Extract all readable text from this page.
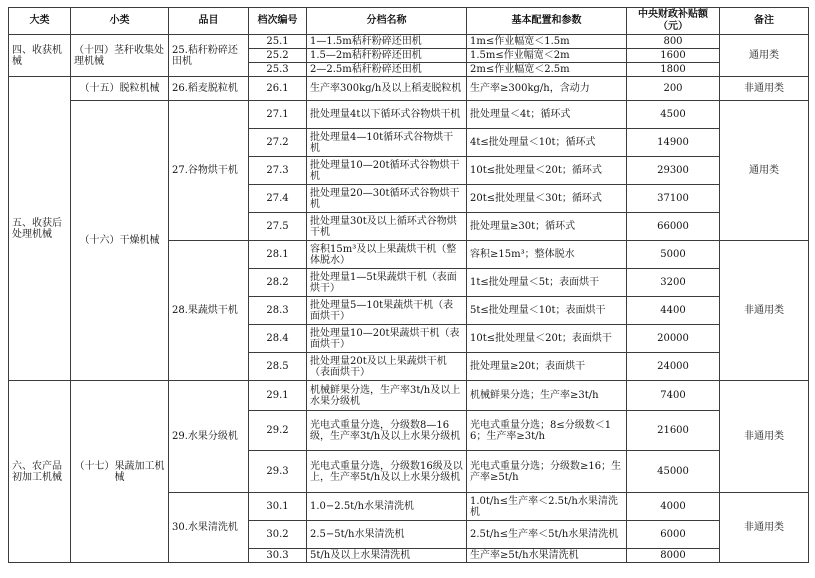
大类	小类	品目	档次编号	分档名称	基本配置和参数	中央财政补贴额（元）	备注
四、收获机械	（十四）茎秆收集处理机械	25.秸秆粉碎还田机	25.1	1—1.5m秸秆粉碎还田机	1m≤作业幅宽＜1.5m	800	通用类
			25.2	1.5—2m秸秆粉碎还田机	1.5m≤作业幅宽＜2m	1600	
			25.3	2—2.5m秸秆粉碎还田机	2m≤作业幅宽＜2.5m	1800	
五、收获后处理机械	（十五）脱粒机械	26.稻麦脱粒机	26.1	生产率300kg/h及以上稻麦脱粒机	生产率≥300kg/h，含动力	200	非通用类
	（十六）干燥机械	27.谷物烘干机	27.1	批处理量4t以下循环式谷物烘干机	批处理量＜4t；循环式	4500	通用类
			27.2	批处理量4—10t循环式谷物烘干机	4t≤批处理量＜10t；循环式	14900	
			27.3	批处理量10—20t循环式谷物烘干机	10t≤批处理量＜20t；循环式	29300	
			27.4	批处理量20—30t循环式谷物烘干机	20t≤批处理量＜30t；循环式	37100	
			27.5	批处理量30t及以上循环式谷物烘干机	批处理量≥30t；循环式	66000	
		28.果蔬烘干机	28.1	容积15m³及以上果蔬烘干机（整体脱水）	容积≥15m³；整体脱水	5000	非通用类
			28.2	批处理量1—5t果蔬烘干机（表面烘干）	1t≤批处理量＜5t；表面烘干	3200	
			28.3	批处理量5—10t果蔬烘干机（表面烘干）	5t≤批处理量＜10t；表面烘干	4400	
			28.4	批处理量10—20t果蔬烘干机（表面烘干）	10t≤批处理量＜20t；表面烘干	20000	
			28.5	批处理量20t及以上果蔬烘干机（表面烘干）	批处理量≥20t；表面烘干	24000	
六、农产品初加工机械	（十七）果蔬加工机械	29.水果分级机	29.1	机械鲜果分选，生产率3t/h及以上水果分级机	机械鲜果分选；生产率≥3t/h	7400	非通用类
			29.2	光电式重量分选，分级数8—16级，生产率3t/h及以上水果分级机	光电式重量分选；8≤分级数＜16；生产率≥3t/h	21600	
			29.3	光电式重量分选，分级数16级及以上，生产率5t/h及以上水果分级机	光电式重量分选；分级数≥16；生产率≥5t/h	45000	
		30.水果清洗机	30.1	1.0−2.5t/h水果清洗机	1.0t/h≤生产率＜2.5t/h水果清洗机	4000	非通用类
			30.2	2.5−5t/h水果清洗机	2.5t/h≤生产率＜5t/h水果清洗机	6000	
			30.3	5t/h及以上水果清洗机	生产率≥5t/h水果清洗机	8000	
